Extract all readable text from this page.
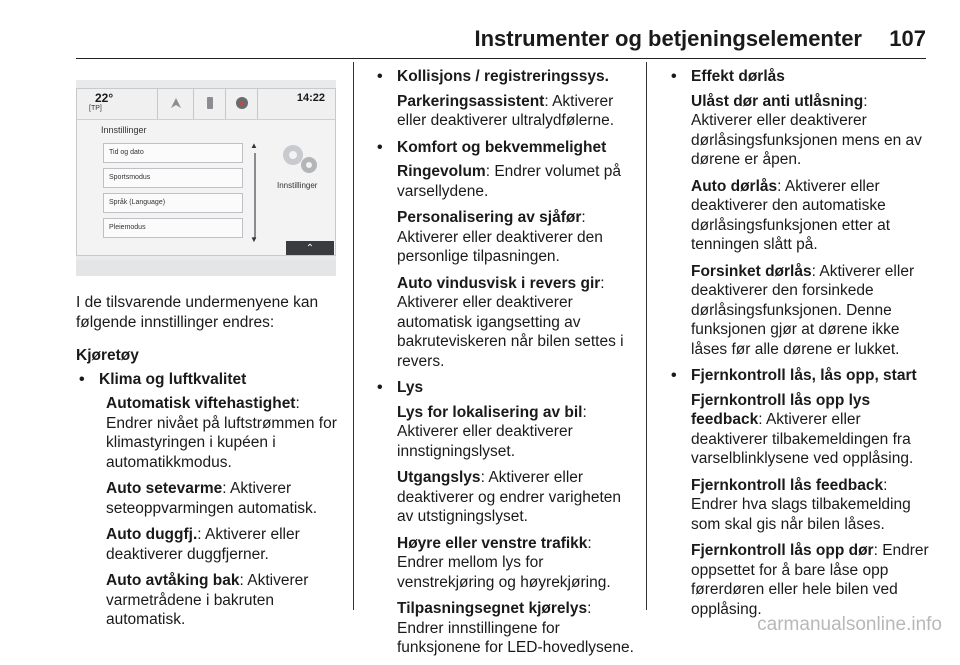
Instrumenter og betjeningselementer 107
22°
[TP]
14:22
Innstillinger
Tid og dato
Sportsmodus
Språk (Language)
Pleiemodus
▲
▼
Innstillinger
⌃

I de tilsvarende undermenyene kan følgende innstillinger endres:

Kjøretøy

• Klima og luftkvalitet
Automatisk viftehastighet: Endrer nivået på luftstrømmen for klimastyringen i kupéen i automatikkmodus.
Auto setevarme: Aktiverer seteoppvarmingen automatisk.
Auto duggfj.: Aktiverer eller deaktiverer duggfjerner.
Auto avtåking bak: Aktiverer varmetrådene i bakruten automatisk.
• Kollisjons / registreringssys.
Parkeringsassistent: Aktiverer eller deaktiverer ultralydfølerne.
• Komfort og bekvemmelighet
Ringevolum: Endrer volumet på varsellydene.
Personalisering av sjåfør: Aktiverer eller deaktiverer den personlige tilpasningen.
Auto vindusvisk i revers gir: Aktiverer eller deaktiverer automatisk igangsetting av bakruteviskeren når bilen settes i revers.
• Lys
Lys for lokalisering av bil: Aktiverer eller deaktiverer innstigningslyset.
Utgangslys: Aktiverer eller deaktiverer og endrer varigheten av utstigningslyset.
Høyre eller venstre trafikk: Endrer mellom lys for venstrekjøring og høyrekjøring.
Tilpasningsegnet kjørelys: Endrer innstillingene for funksjonene for LED-hovedlysene.
• Effekt dørlås
Ulåst dør anti utlåsning: Aktiverer eller deaktiverer dørlåsingsfunksjonen mens en av dørene er åpen.
Auto dørlås: Aktiverer eller deaktiverer den automatiske dørlåsingsfunksjonen etter at tenningen slått på.
Forsinket dørlås: Aktiverer eller deaktiverer den forsinkede dørlåsingsfunksjonen. Denne funksjonen gjør at dørene ikke låses før alle dørene er lukket.
• Fjernkontroll lås, lås opp, start
Fjernkontroll lås opp lys feedback: Aktiverer eller deaktiverer tilbakemeldingen fra varselblinklysene ved opplåsing.
Fjernkontroll lås feedback: Endrer hva slags tilbakemelding som skal gis når bilen låses.
Fjernkontroll lås opp dør: Endrer oppsettet for å bare låse opp førerdøren eller hele bilen ved opplåsing.
carmanualsonline.info
